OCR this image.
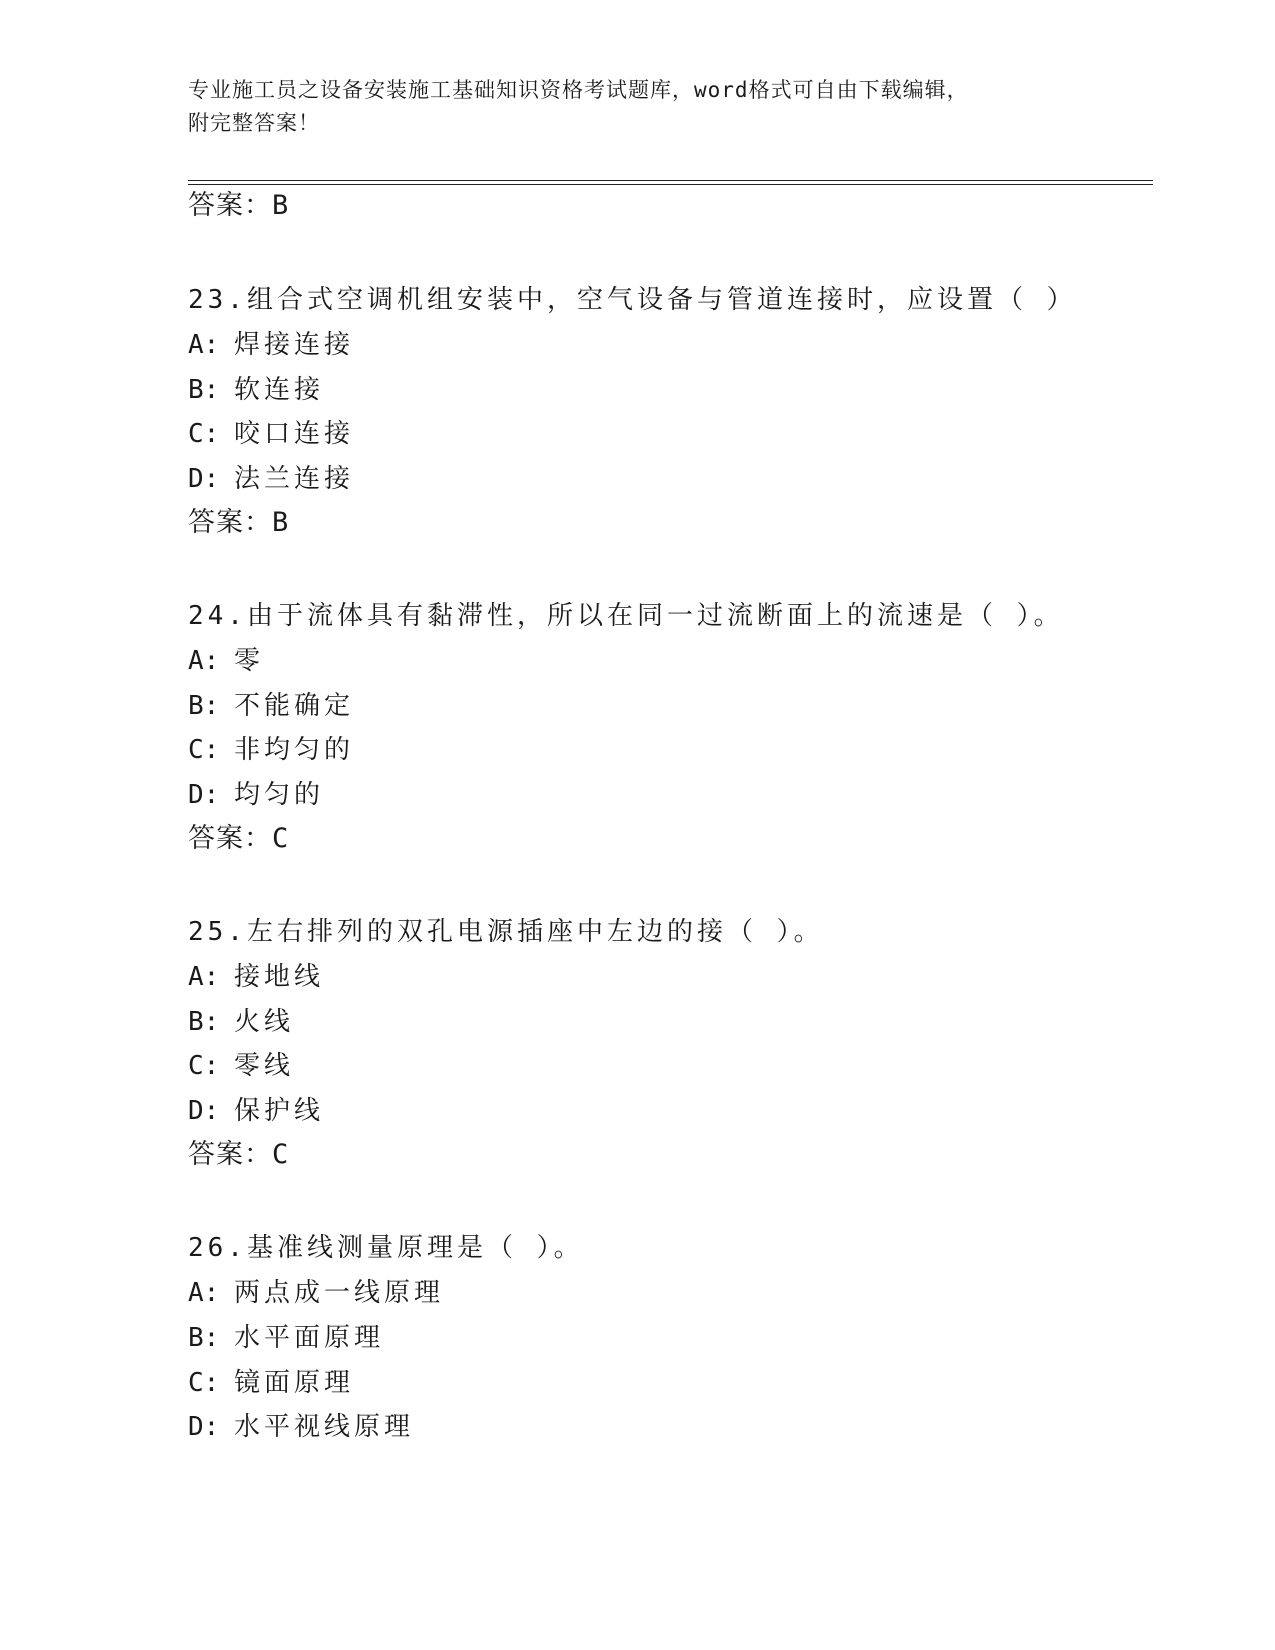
专业施工员之设备安装施工基础知识资格考试题库，word格式可自由下载编辑，
附完整答案！
答案：B
23.组合式空调机组安装中，空气设备与管道连接时，应设置（ ）
A: 焊接连接
B: 软连接
C: 咬口连接
D: 法兰连接
答案：B
24.由于流体具有黏滞性，所以在同一过流断面上的流速是（ ）。
A: 零
B: 不能确定
C: 非均匀的
D: 均匀的
答案：C
25.左右排列的双孔电源插座中左边的接（ ）。
A: 接地线
B: 火线
C: 零线
D: 保护线
答案：C
26.基准线测量原理是（ ）。
A: 两点成一线原理
B: 水平面原理
C: 镜面原理
D: 水平视线原理
